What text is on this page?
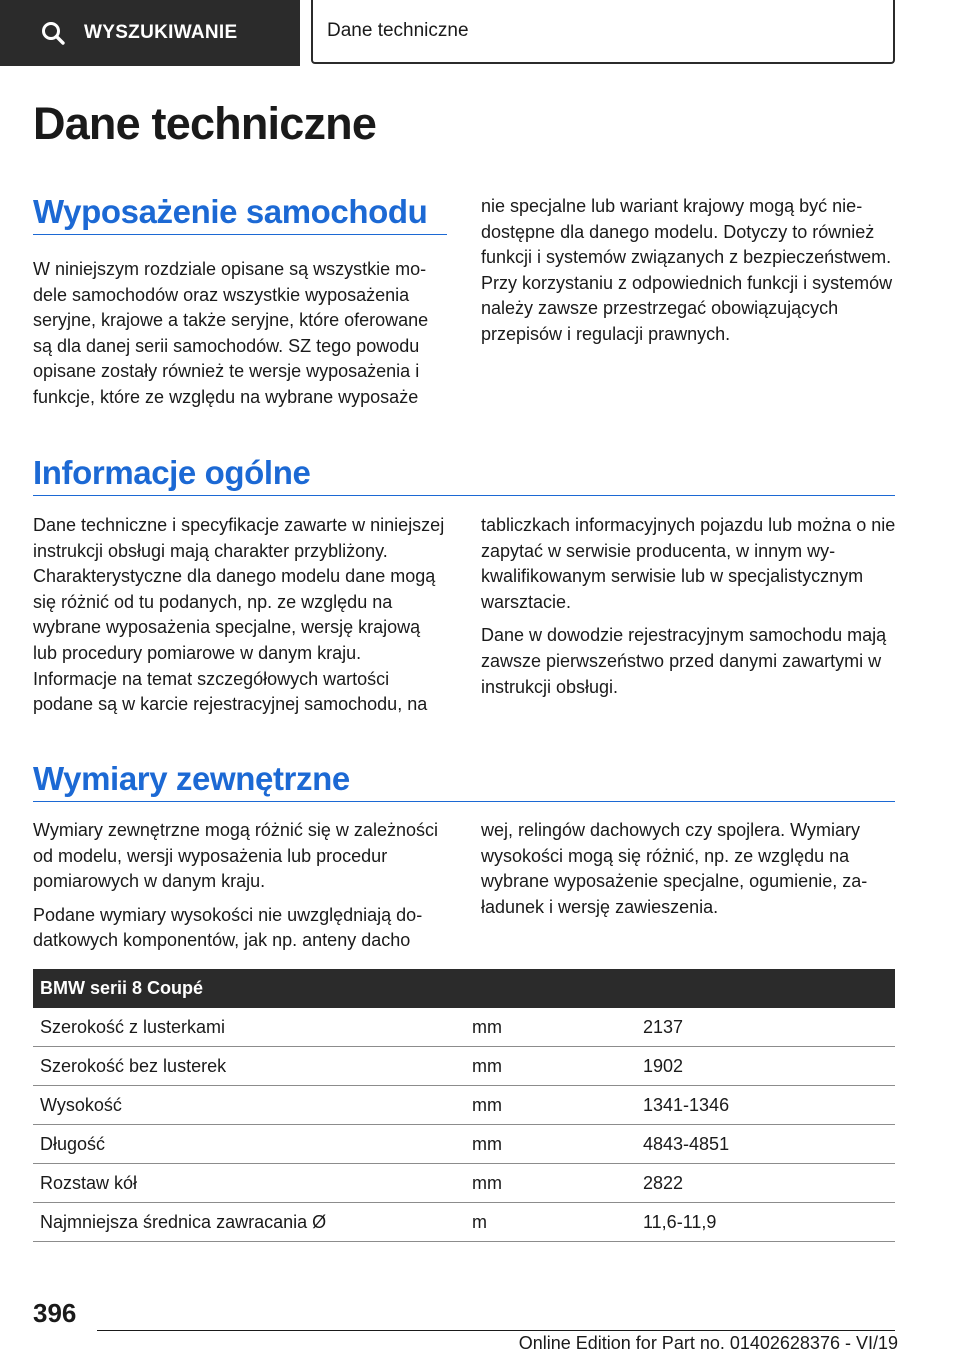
WYSZUKIWANIE	Dane techniczne
Dane techniczne
Wyposażenie samochodu

W niniejszym rozdziale opisane są wszystkie modele samochodów oraz wszystkie wyposażenia seryjne, krajowe a także seryjne, które oferowane są dla danej serii samochodów. SZ tego powodu opisane zostały również te wersje wyposażenia i funkcje, które ze względu na wybrane wyposaże

nie specjalne lub wariant krajowy mogą być niedostępne dla danego modelu. Dotyczy to również funkcji i systemów związanych z bezpieczeństwem. Przy korzystaniu z odpowiednich funkcji i systemów należy zawsze przestrzegać obowiązujących przepisów i regulacji prawnych.

Informacje ogólne

Dane techniczne i specyfikacje zawarte w niniejszej instrukcji obsługi mają charakter przybliżony. Charakterystyczne dla danego modelu dane mogą się różnić od tu podanych, np. ze względu na wybrane wyposażenia specjalne, wersję krajową lub procedury pomiarowe w danym kraju. Informacje na temat szczegółowych wartości podane są w karcie rejestracyjnej samochodu, na

tabliczkach informacyjnych pojazdu lub można o nie zapytać w serwisie producenta, w innym wykwalifikowanym serwisie lub w specjalistycznym warsztacie.

Dane w dowodzie rejestracyjnym samochodu mają zawsze pierwszeństwo przed danymi zawartymi w instrukcji obsługi.

Wymiary zewnętrzne

Wymiary zewnętrzne mogą różnić się w zależności od modelu, wersji wyposażenia lub procedur pomiarowych w danym kraju.

Podane wymiary wysokości nie uwzględniają dodatkowych komponentów, jak np. anteny dacho

wej, relingów dachowych czy spojlera. Wymiary wysokości mogą się różnić, np. ze względu na wybrane wyposażenie specjalne, ogumienie, załadunek i wersję zawieszenia.

BMW serii 8 Coupé		
Szerokość z lusterkami	mm	2137
Szerokość bez lusterek	mm	1902
Wysokość	mm	1341-1346
Długość	mm	4843-4851
Rozstaw kół	mm	2822
Najmniejsza średnica zawracania Ø	m	11,6-11,9
396
Online Edition for Part no. 01402628376 - VI/19
